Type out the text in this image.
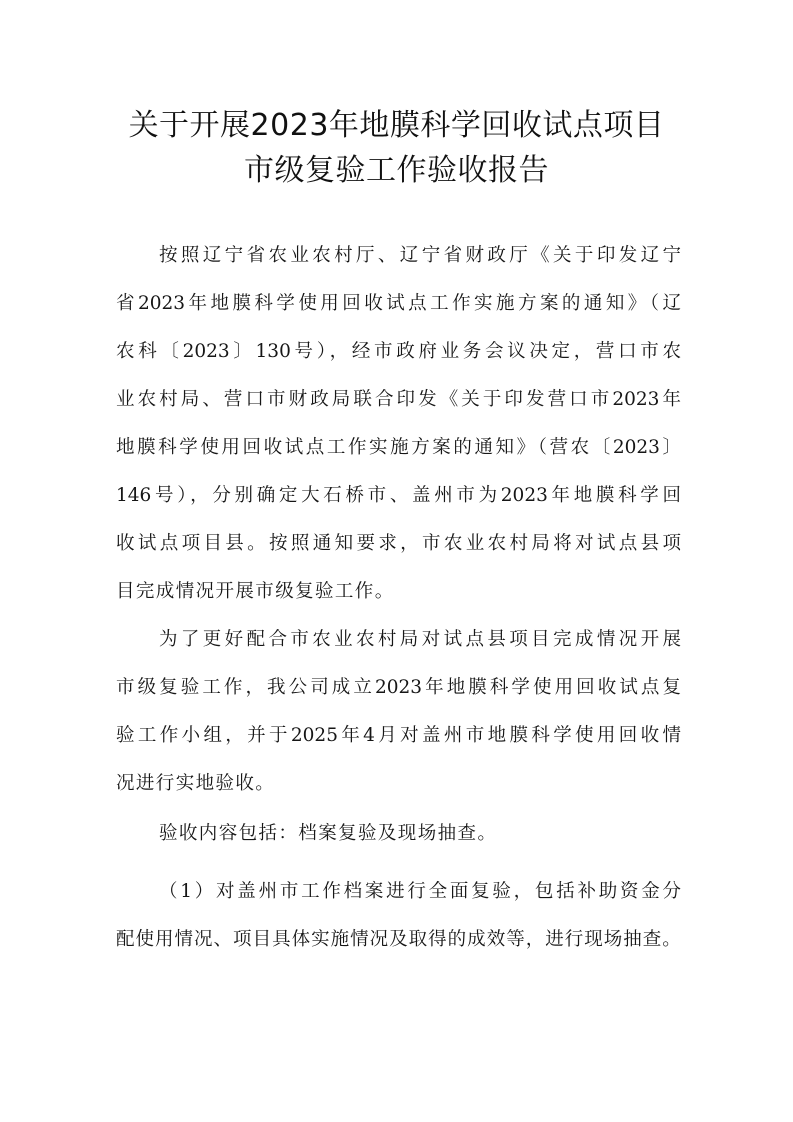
关于开展2023年地膜科学回收试点项目
市级复验工作验收报告
按照辽宁省农业农村厅、辽宁省财政厅《关于印发辽宁
省2023年地膜科学使用回收试点工作实施方案的通知》（辽
农科〔2023〕130号），经市政府业务会议决定，营口市农
业农村局、营口市财政局联合印发《关于印发营口市2023年
地膜科学使用回收试点工作实施方案的通知》（营农〔2023〕
146号），分别确定大石桥市、盖州市为2023年地膜科学回
收试点项目县。按照通知要求，市农业农村局将对试点县项
目完成情况开展市级复验工作。
为了更好配合市农业农村局对试点县项目完成情况开展
市级复验工作，我公司成立2023年地膜科学使用回收试点复
验工作小组，并于2025年4月对盖州市地膜科学使用回收情
况进行实地验收。
验收内容包括：档案复验及现场抽查。
（1）对盖州市工作档案进行全面复验，包括补助资金分
配使用情况、项目具体实施情况及取得的成效等，进行现场抽查。
